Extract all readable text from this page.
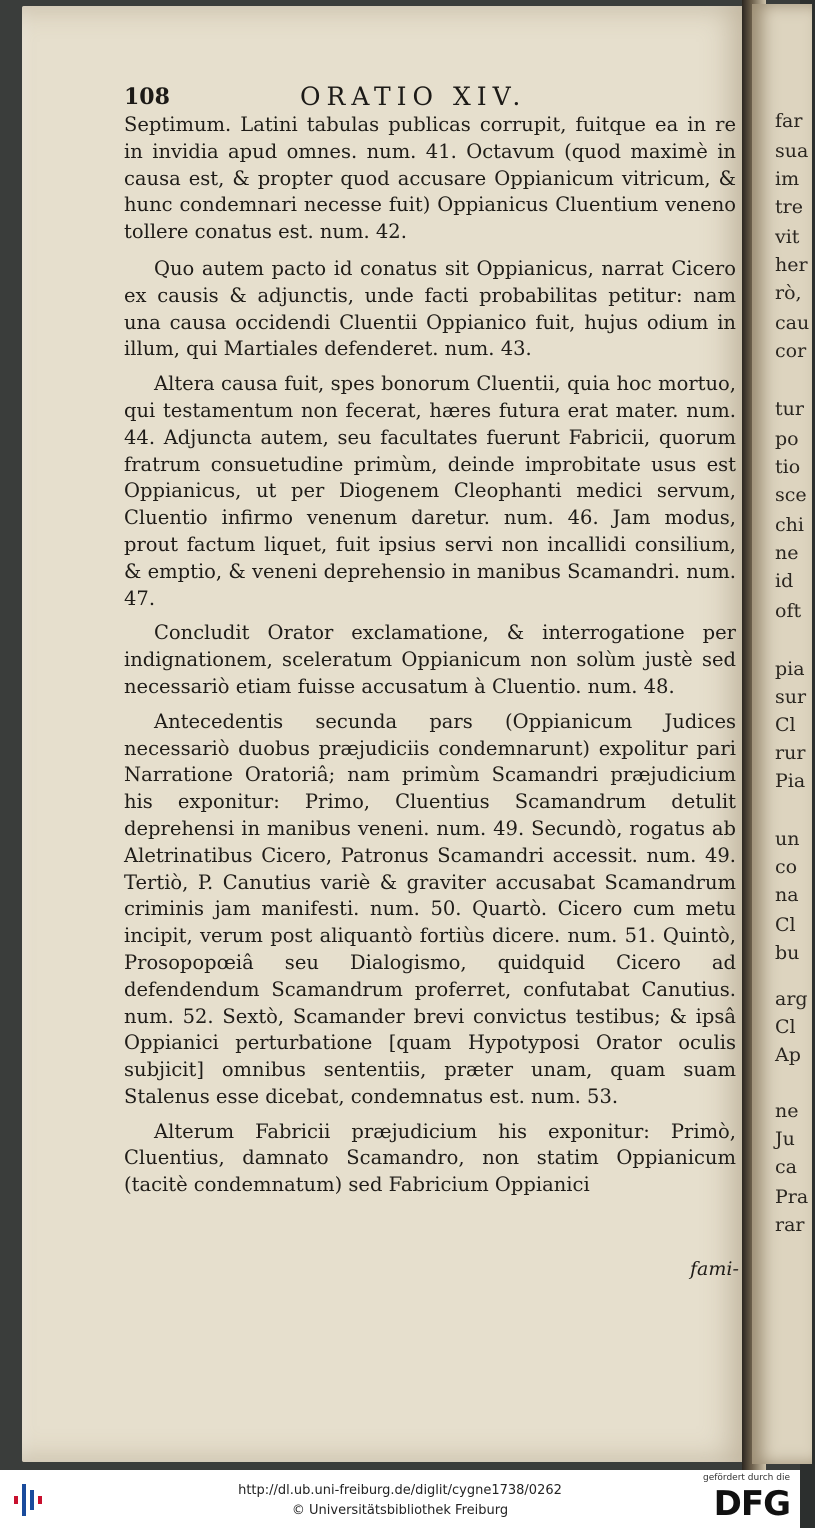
108	ORATIO XIV.

Septimum. Latini tabulas publicas corrupit, fuitque ea in re in invidia apud omnes. num. 41. Octavum (quod maximè in causa est, & propter quod accusare Oppianicum vitricum, & hunc condemnari necesse fuit) Oppianicus Cluentium veneno tollere conatus est. num. 42.

Quo autem pacto id conatus sit Oppianicus, narrat Cicero ex causis & adjunctis, unde facti probabilitas petitur: nam una causa occidendi Cluentii Oppianico fuit, hujus odium in illum, qui Martiales defenderet. num. 43.

Altera causa fuit, spes bonorum Cluentii, quia hoc mortuo, qui testamentum non fecerat, hæres futura erat mater. num. 44. Adjuncta autem, seu facultates fuerunt Fabricii, quorum fratrum consuetudine primùm, deinde improbitate usus est Oppianicus, ut per Diogenem Cleophanti medici servum, Cluentio infirmo venenum daretur. num. 46. Jam modus, prout factum liquet, fuit ipsius servi non incallidi consilium, & emptio, & veneni deprehensio in manibus Scamandri. num. 47.

Concludit Orator exclamatione, & interrogatione per indignationem, sceleratum Oppianicum non solùm justè sed necessariò etiam fuisse accusatum à Cluentio. num. 48.

Antecedentis secunda pars (Oppianicum Judices necessariò duobus præjudiciis condemnarunt) expolitur pari Narratione Oratoriâ; nam primùm Scamandri præjudicium his exponitur: Primo, Cluentius Scamandrum detulit deprehensi in manibus veneni. num. 49. Secundò, rogatus ab Aletrinatibus Cicero, Patronus Scamandri accessit. num. 49. Tertiò, P. Canutius variè & graviter accusabat Scamandrum criminis jam manifesti. num. 50. Quartò. Cicero cum metu incipit, verum post aliquantò fortiùs dicere. num. 51. Quintò, Prosopopœiâ seu Dialogismo, quidquid Cicero ad defendendum Scamandrum proferret, confutabat Canutius. num. 52. Sextò, Scamander brevi convictus testibus; & ipsâ Oppianici perturbatione [quam Hypotyposi Orator oculis subjicit] omnibus sententiis, præter unam, quam suam Stalenus esse dicebat, condemnatus est. num. 53.

Alterum Fabricii præjudicium his exponitur: Primò, Cluentius, damnato Scamandro, non statim Oppianicum (tacitè condemnatum) sed Fabricium Oppianici

fami-
far
sua
im
tre
vit
her
rò,
cau
cor
tur
po
tio
sce
chi
ne
id
oft
pia
sur
Cl
rur
Pia
un
co
na
Cl
bu
arg
Cl
Ap
ne
Ju
ca
Pra
rar
http://dl.ub.uni-freiburg.de/diglit/cygne1738/0262
© Universitätsbibliothek Freiburg
gefördert durch die
DFG
